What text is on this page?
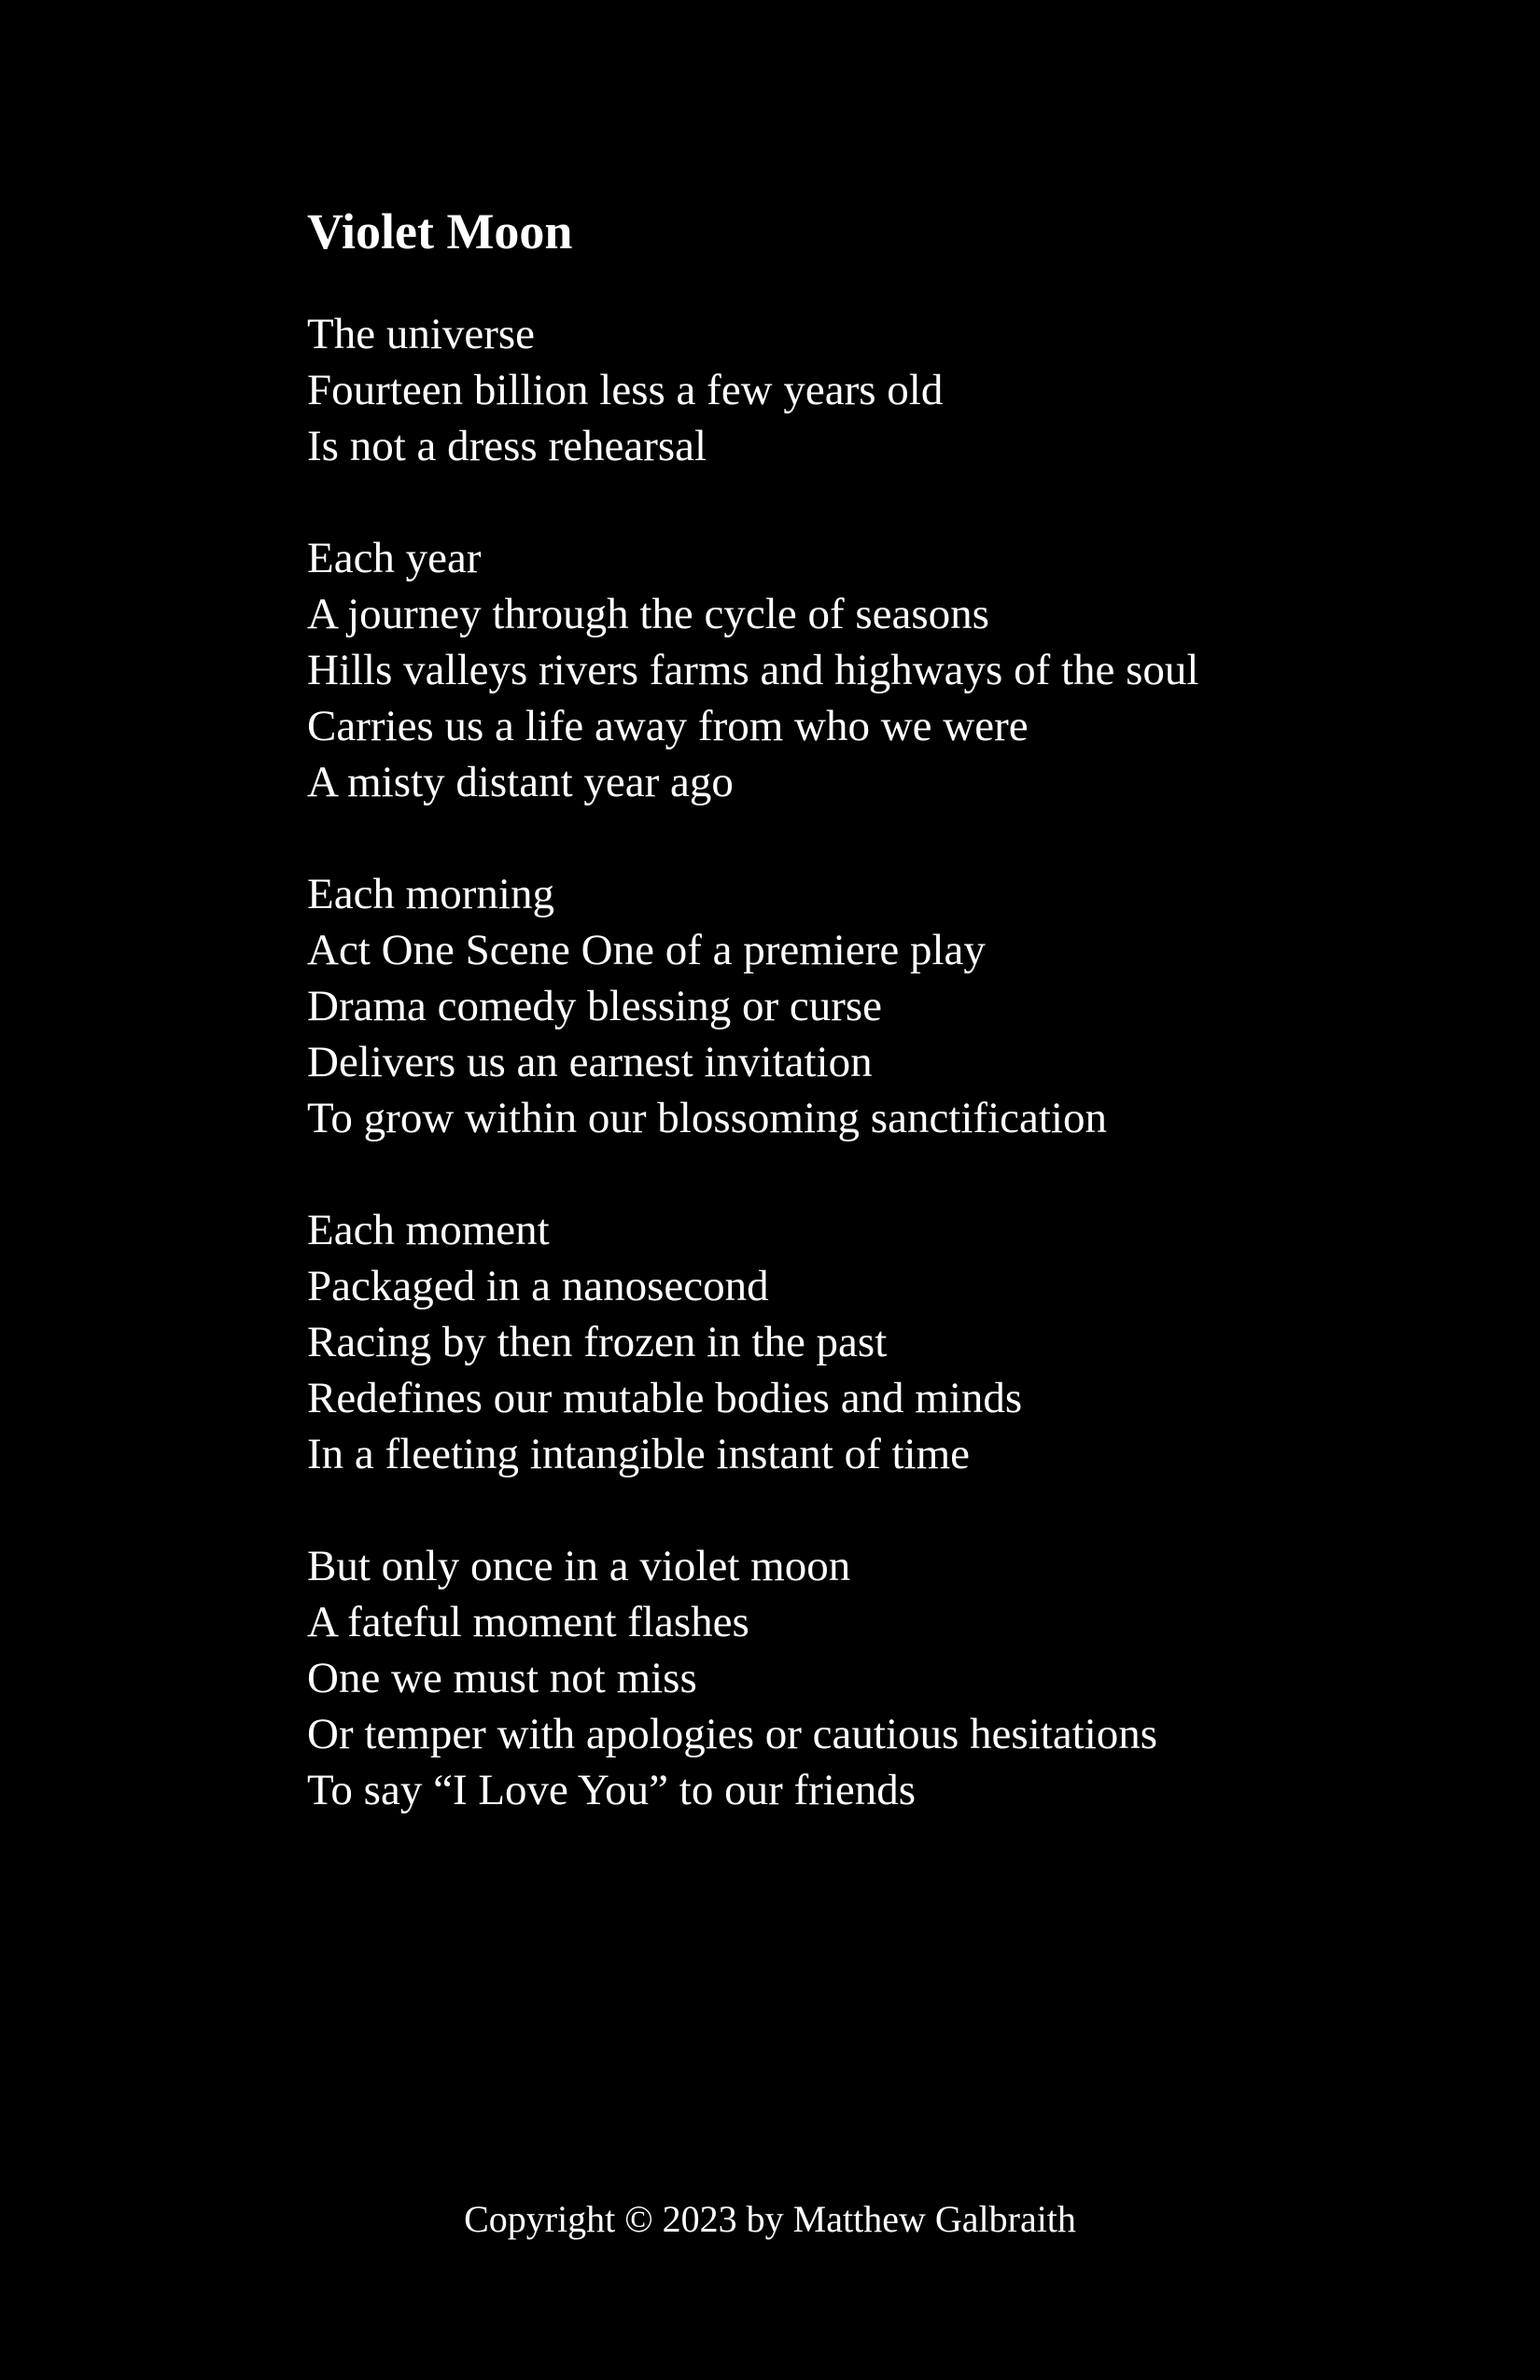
Violet Moon
The universe
Fourteen billion less a few years old
Is not a dress rehearsal
Each year
A journey through the cycle of seasons
Hills valleys rivers farms and highways of the soul
Carries us a life away from who we were
A misty distant year ago
Each morning
Act One Scene One of a premiere play
Drama comedy blessing or curse
Delivers us an earnest invitation
To grow within our blossoming sanctification
Each moment
Packaged in a nanosecond
Racing by then frozen in the past
Redefines our mutable bodies and minds
In a fleeting intangible instant of time
But only once in a violet moon
A fateful moment flashes
One we must not miss
Or temper with apologies or cautious hesitations
To say “I Love You” to our friends
Copyright © 2023 by Matthew Galbraith
